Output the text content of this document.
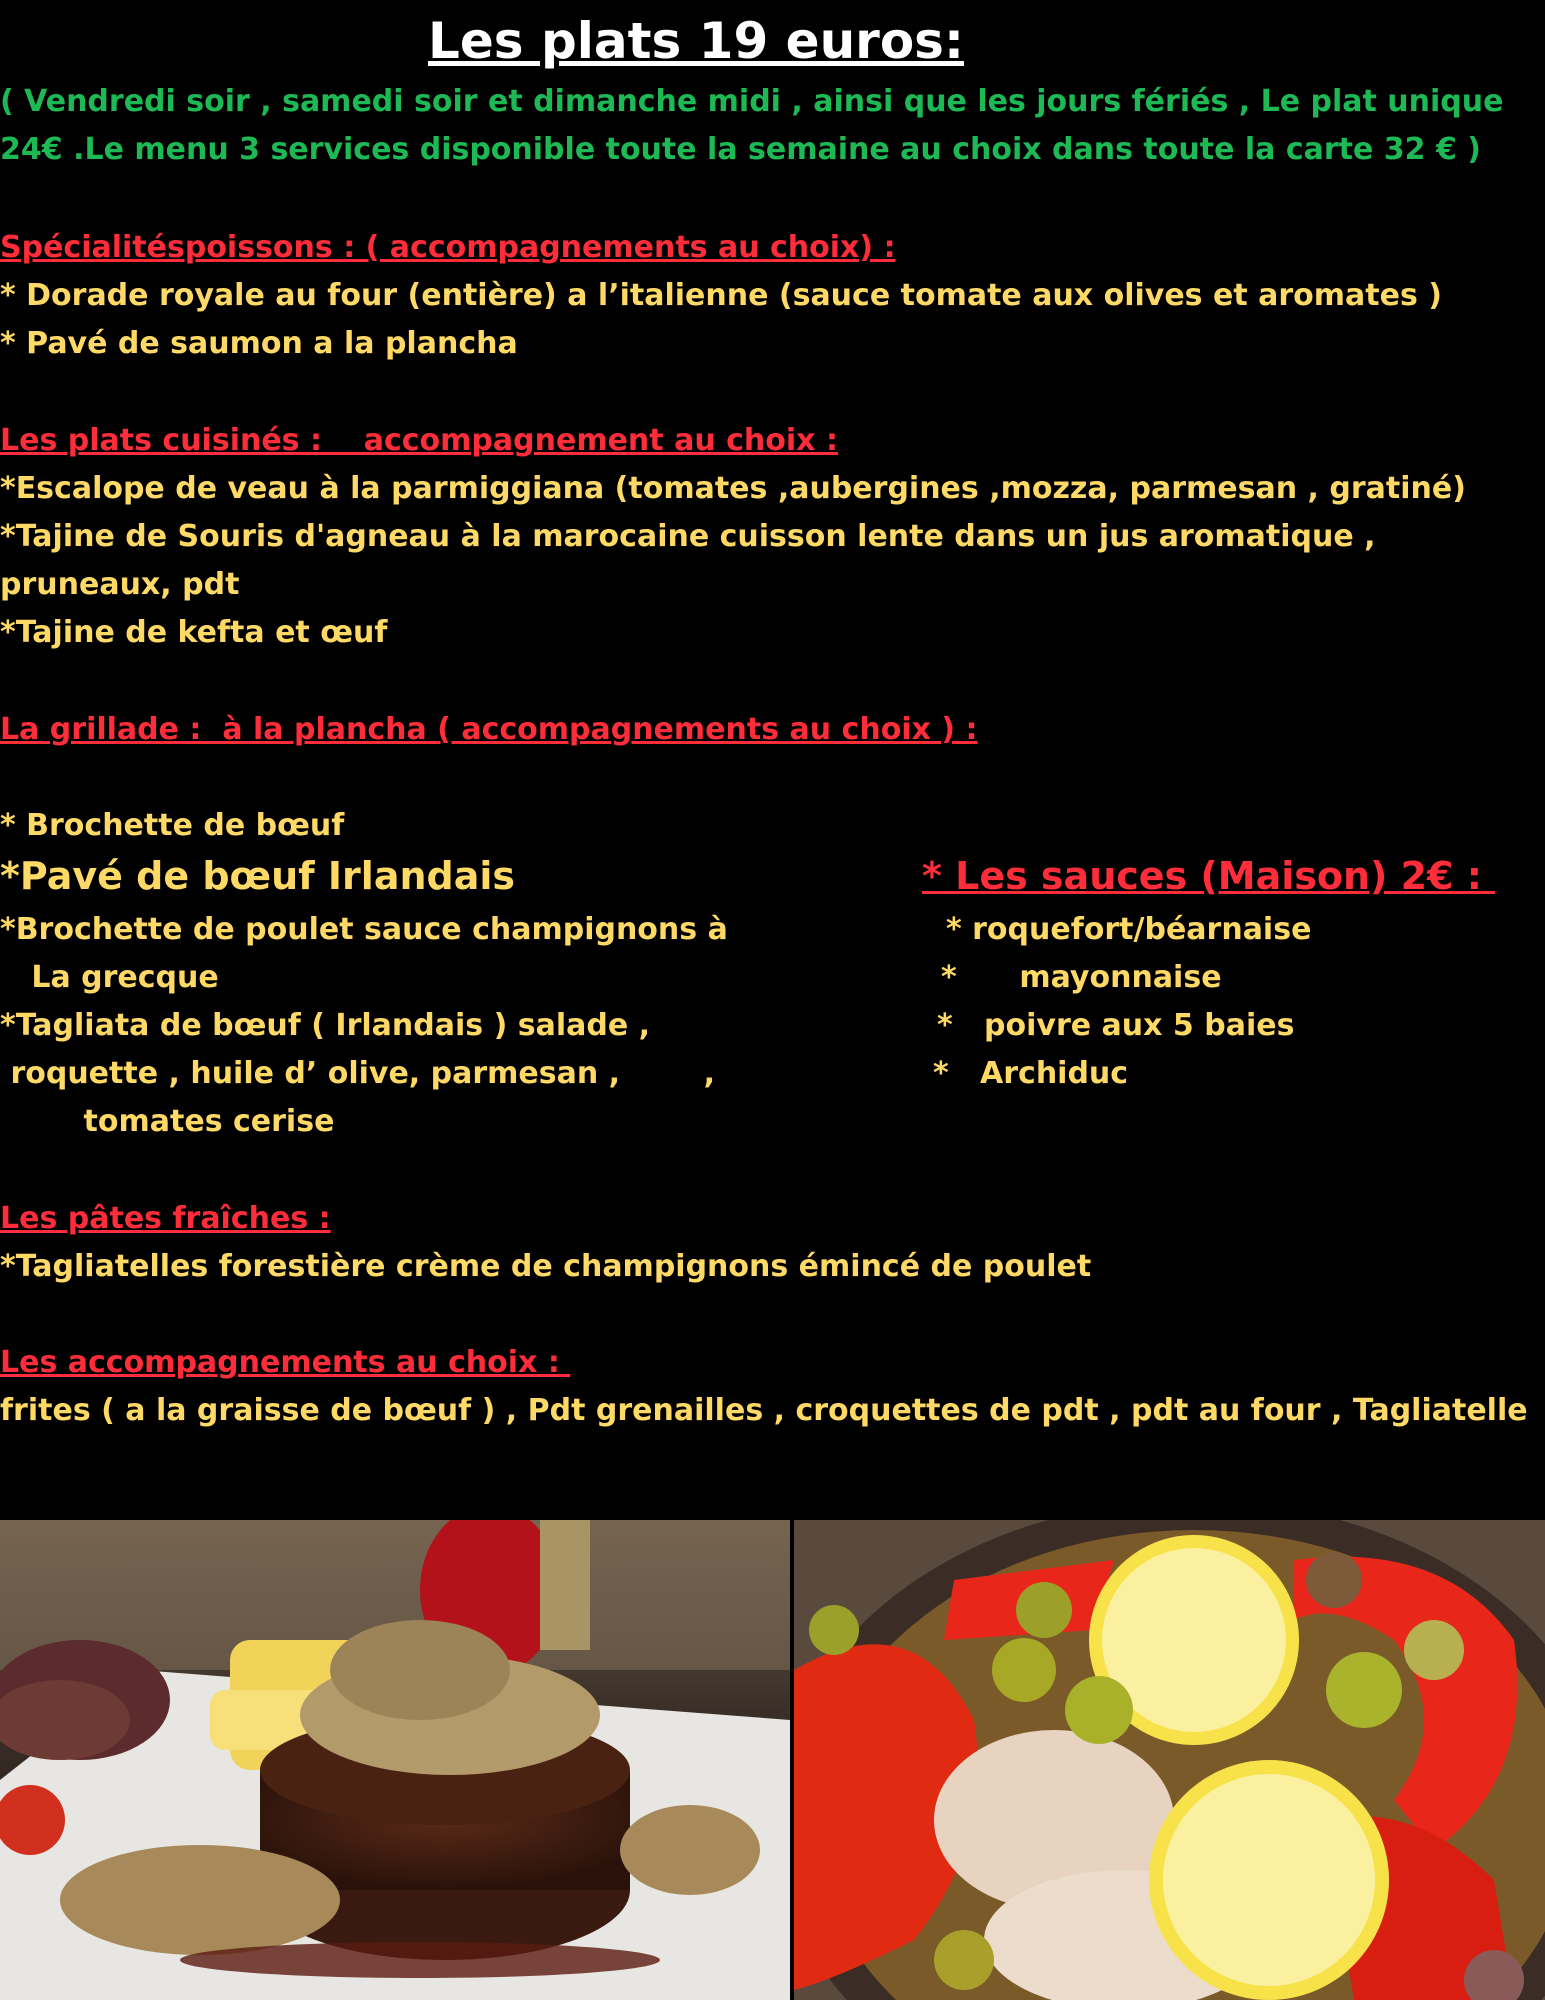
Les plats 19 euros:
( Vendredi soir , samedi soir et dimanche midi , ainsi que les jours fériés , Le plat unique
24€ .Le menu 3 services disponible toute la semaine au choix dans toute la carte 32 € )
Spécialitéspoissons : ( accompagnements au choix) :
* Dorade royale au four (entière) a l’italienne (sauce tomate aux olives et aromates )
* Pavé de saumon a la plancha
Les plats cuisinés :    accompagnement au choix :
*Escalope de veau à la parmiggiana (tomates ,aubergines ,mozza, parmesan , gratiné)
*Tajine de Souris d'agneau à la marocaine cuisson lente dans un jus aromatique ,
pruneaux, pdt
*Tajine de kefta et œuf
La grillade :  à la plancha ( accompagnements au choix ) :
* Brochette de bœuf
*Pavé de bœuf Irlandais
*Brochette de poulet sauce champignons à
La grecque
*Tagliata de bœuf ( Irlandais ) salade ,
roquette , huile d’ olive, parmesan ,        ,
tomates cerise
* Les sauces (Maison) 2€ :
* roquefort/béarnaise
*      mayonnaise
*   poivre aux 5 baies
*   Archiduc
Les pâtes fraîches :
*Tagliatelles forestière crème de champignons émincé de poulet
Les accompagnements au choix :
frites ( a la graisse de bœuf ) , Pdt grenailles , croquettes de pdt , pdt au four , Tagliatelle
